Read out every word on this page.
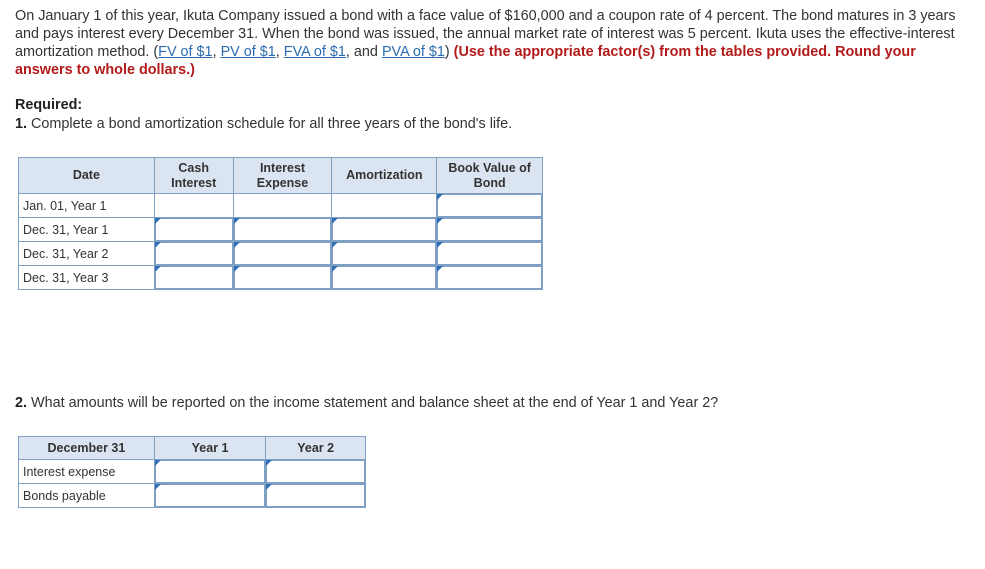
On January 1 of this year, Ikuta Company issued a bond with a face value of $160,000 and a coupon rate of 4 percent. The bond matures in 3 years and pays interest every December 31. When the bond was issued, the annual market rate of interest was 5 percent. Ikuta uses the effective-interest amortization method. (FV of $1, PV of $1, FVA of $1, and PVA of $1) (Use the appropriate factor(s) from the tables provided. Round your answers to whole dollars.)
Required:
1. Complete a bond amortization schedule for all three years of the bond's life.
Date	Cash Interest	Interest Expense	Amortization	Book Value of Bond
Jan. 01, Year 1				

Dec. 31, Year 1	

Dec. 31, Year 2	

Dec. 31, Year 3	

2. What amounts will be reported on the income statement and balance sheet at the end of Year 1 and Year 2?
December 31	Year 1	Year 2
Interest expense	

Bonds payable	
